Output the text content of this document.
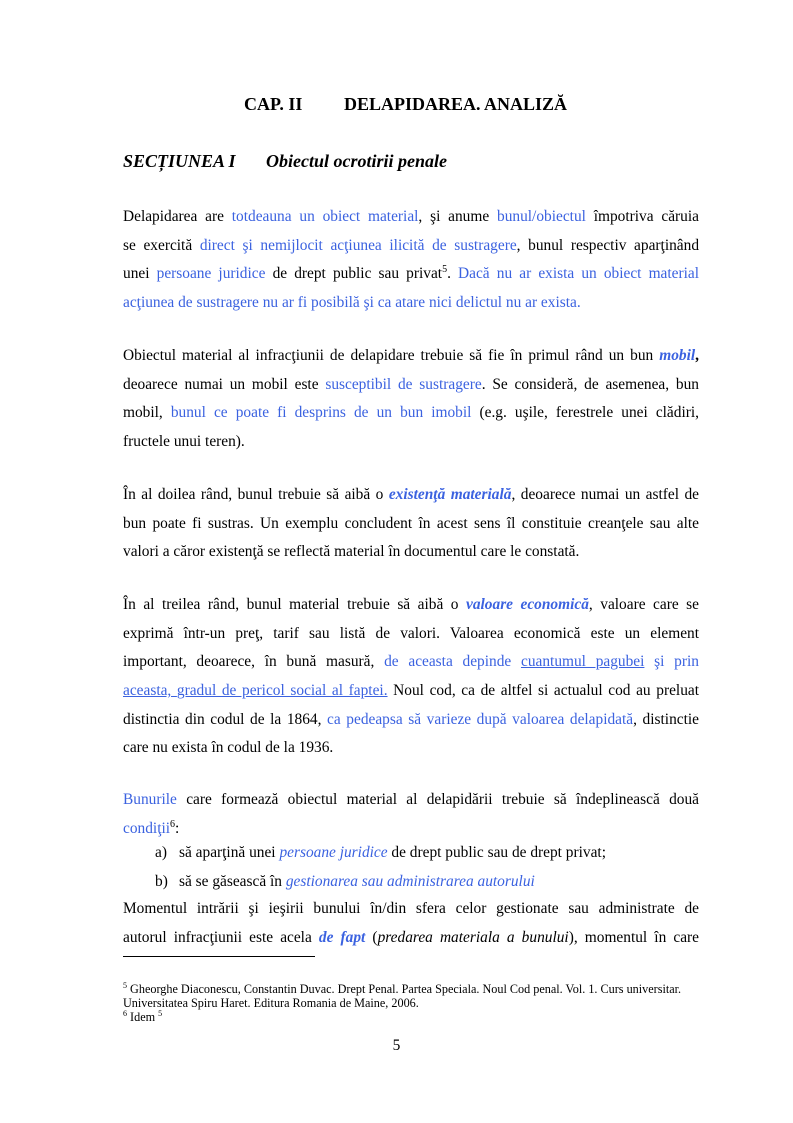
CAP. II DELAPIDAREA. ANALIZĂ
SECȚIUNEA I Obiectul ocrotirii penale
Delapidarea are totdeauna un obiect material, şi anume bunul/obiectul împotriva căruia
se exercită direct şi nemijlocit acţiunea ilicită de sustragere, bunul respectiv aparţinând
unei persoane juridice de drept public sau privat$^5$. Dacă nu ar exista un obiect material
acţiunea de sustragere nu ar fi posibilă şi ca atare nici delictul nu ar exista.
Obiectul material al infracţiunii de delapidare trebuie să fie în primul rând un bun mobil,
deoarece numai un mobil este susceptibil de sustragere. Se consideră, de asemenea, bun
mobil, bunul ce poate fi desprins de un bun imobil (e.g. uşile, ferestrele unei clădiri,
fructele unui teren).
În al doilea rând, bunul trebuie să aibă o existenţă materială, deoarece numai un astfel de
bun poate fi sustras. Un exemplu concludent în acest sens îl constituie creanţele sau alte
valori a căror existenţă se reflectă material în documentul care le constată.
În al treilea rând, bunul material trebuie să aibă o valoare economică, valoare care se
exprimă într-un preţ, tarif sau listă de valori. Valoarea economică este un element
important, deoarece, în bună masură, de aceasta depinde cuantumul pagubei şi prin
aceasta, gradul de pericol social al faptei. Noul cod, ca de altfel si actualul cod au preluat
distinctia din codul de la 1864, ca pedeapsa să varieze după valoarea delapidată, distinctie
care nu exista în codul de la 1936.
Bunurile care formează obiectul material al delapidării trebuie să îndeplinească două
condiţii$^6$:
a) să aparţină unei persoane juridice de drept public sau de drept privat;
b) să se găsească în gestionarea sau administrarea autorului
Momentul intrării şi ieşirii bunului în/din sfera celor gestionate sau administrate de
autorul infracţiunii este acela de fapt (predarea materiala a bunului), momentul în care
$^5$ Gheorghe Diaconescu, Constantin Duvac. Drept Penal. Partea Speciala. Noul Cod penal. Vol. 1. Curs universitar. Universitatea Spiru Haret. Editura Romania de Maine, 2006.
$^6$ Idem $^5$
5
